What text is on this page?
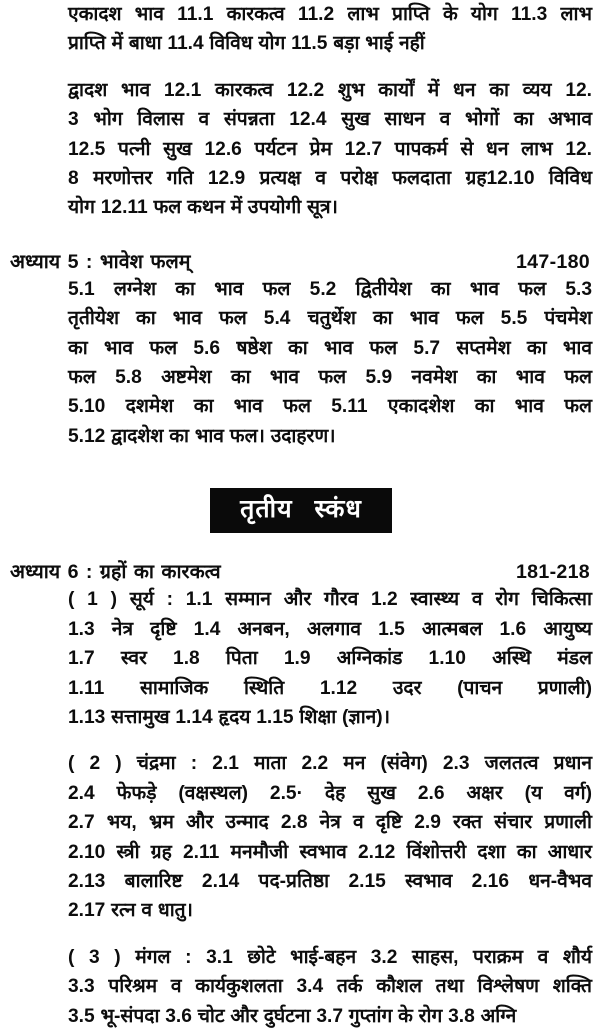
एकादश भाव 11.1 कारकत्व 11.2 लाभ प्राप्ति के योग 11.3 लाभ
प्राप्ति में बाधा 11.4 विविध योग 11.5 बड़ा भाई नहीं
द्वादश भाव 12.1 कारकत्व 12.2 शुभ कार्यों में धन का व्यय 12.
3 भोग विलास व संपन्नता 12.4 सुख साधन व भोगों का अभाव
12.5 पत्नी सुख 12.6 पर्यटन प्रेम 12.7 पापकर्म से धन लाभ 12.
8 मरणोत्तर गति 12.9 प्रत्यक्ष व परोक्ष फलदाता ग्रह12.10 विविध
योग 12.11 फल कथन में उपयोगी सूत्र।
अध्याय 5 : भावेश फलम्	147-180
5.1 लग्नेश का भाव फल 5.2 द्वितीयेश का भाव फल 5.3
तृतीयेश का भाव फल 5.4 चतुर्थेश का भाव फल 5.5 पंचमेश
का भाव फल 5.6 षष्ठेश का भाव फल 5.7 सप्तमेश का भाव
फल 5.8 अष्टमेश का भाव फल 5.9 नवमेश का भाव फल
5.10 दशमेश का भाव फल 5.11 एकादशेश का भाव फल
5.12 द्वादशेश का भाव फल। उदाहरण।
तृतीय स्कंध
अध्याय 6 : ग्रहों का कारकत्व	181-218
( 1 ) सूर्य : 1.1 सम्मान और गौरव 1.2 स्वास्थ्य व रोग चिकित्सा
1.3 नेत्र दृष्टि 1.4 अनबन, अलगाव 1.5 आत्मबल 1.6 आयुष्य
1.7 स्वर 1.8 पिता 1.9 अग्निकांड 1.10 अस्थि मंडल
1.11 सामाजिक स्थिति 1.12 उदर (पाचन प्रणाली)
1.13 सत्तामुख 1.14 हृदय 1.15 शिक्षा (ज्ञान)।
( 2 ) चंद्रमा : 2.1 माता 2.2 मन (संवेग) 2.3 जलतत्व प्रधान
2.4 फेफड़े (वक्षस्थल) 2.5· देह सुख 2.6 अक्षर (य वर्ग)
2.7 भय, भ्रम और उन्माद 2.8 नेत्र व दृष्टि 2.9 रक्त संचार प्रणाली
2.10 स्त्री ग्रह 2.11 मनमौजी स्वभाव 2.12 विंशोत्तरी दशा का आधार
2.13 बालारिष्ट 2.14 पद-प्रतिष्ठा 2.15 स्वभाव 2.16 धन-वैभव
2.17 रत्न व धातु।
( 3 ) मंगल : 3.1 छोटे भाई-बहन 3.2 साहस, पराक्रम व शौर्य
3.3 परिश्रम व कार्यकुशलता 3.4 तर्क कौशल तथा विश्लेषण शक्ति
3.5 भू-संपदा 3.6 चोट और दुर्घटना 3.7 गुप्तांग के रोग 3.8 अग्नि
